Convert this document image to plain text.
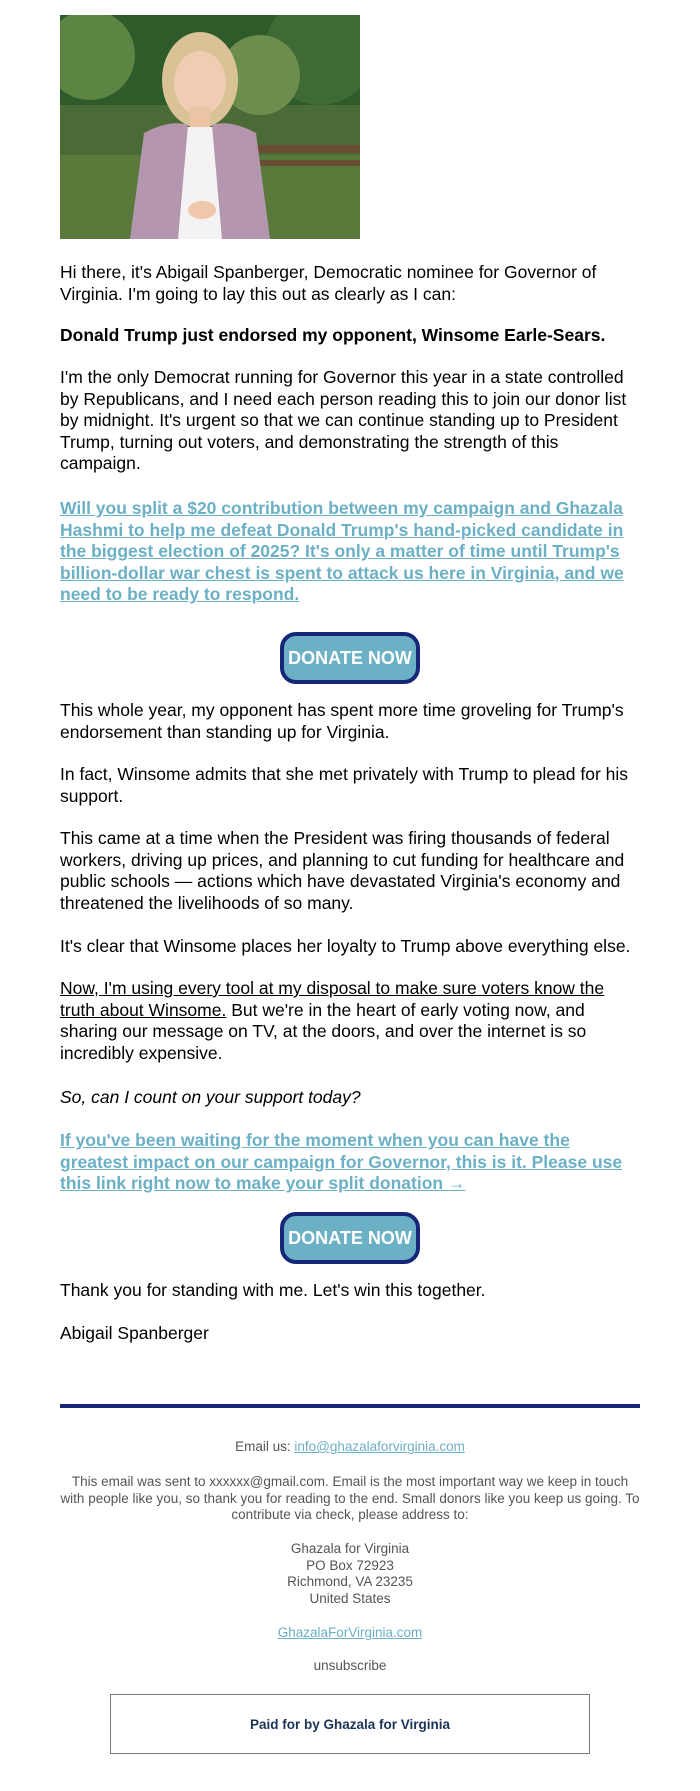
Hi there, it's Abigail Spanberger, Democratic nominee for Governor of Virginia. I'm going to lay this out as clearly as I can:

Donald Trump just endorsed my opponent, Winsome Earle-Sears.

I'm the only Democrat running for Governor this year in a state controlled by Republicans, and I need each person reading this to join our donor list by midnight. It's urgent so that we can continue standing up to President Trump, turning out voters, and demonstrating the strength of this campaign.

Will you split a $20 contribution between my campaign and Ghazala Hashmi to help me defeat Donald Trump's hand-picked candidate in the biggest election of 2025? It's only a matter of time until Trump's billion-dollar war chest is spent to attack us here in Virginia, and we need to be ready to respond.

DONATE NOW

This whole year, my opponent has spent more time groveling for Trump's endorsement than standing up for Virginia.

In fact, Winsome admits that she met privately with Trump to plead for his support.

This came at a time when the President was firing thousands of federal workers, driving up prices, and planning to cut funding for healthcare and public schools — actions which have devastated Virginia's economy and threatened the livelihoods of so many.

It's clear that Winsome places her loyalty to Trump above everything else.

Now, I'm using every tool at my disposal to make sure voters know the truth about Winsome. But we're in the heart of early voting now, and sharing our message on TV, at the doors, and over the internet is so incredibly expensive.

So, can I count on your support today?

If you've been waiting for the moment when you can have the greatest impact on our campaign for Governor, this is it. Please use this link right now to make your split donation →

DONATE NOW

Thank you for standing with me. Let's win this together.

Abigail Spanberger

Email us: info@ghazalaforvirginia.com
This email was sent to xxxxxx@gmail.com. Email is the most important way we keep in touch with people like you, so thank you for reading to the end. Small donors like you keep us going. To contribute via check, please address to:
Ghazala for Virginia
PO Box 72923
Richmond, VA 23235
United States
GhazalaForVirginia.com
unsubscribe
Paid for by Ghazala for Virginia
